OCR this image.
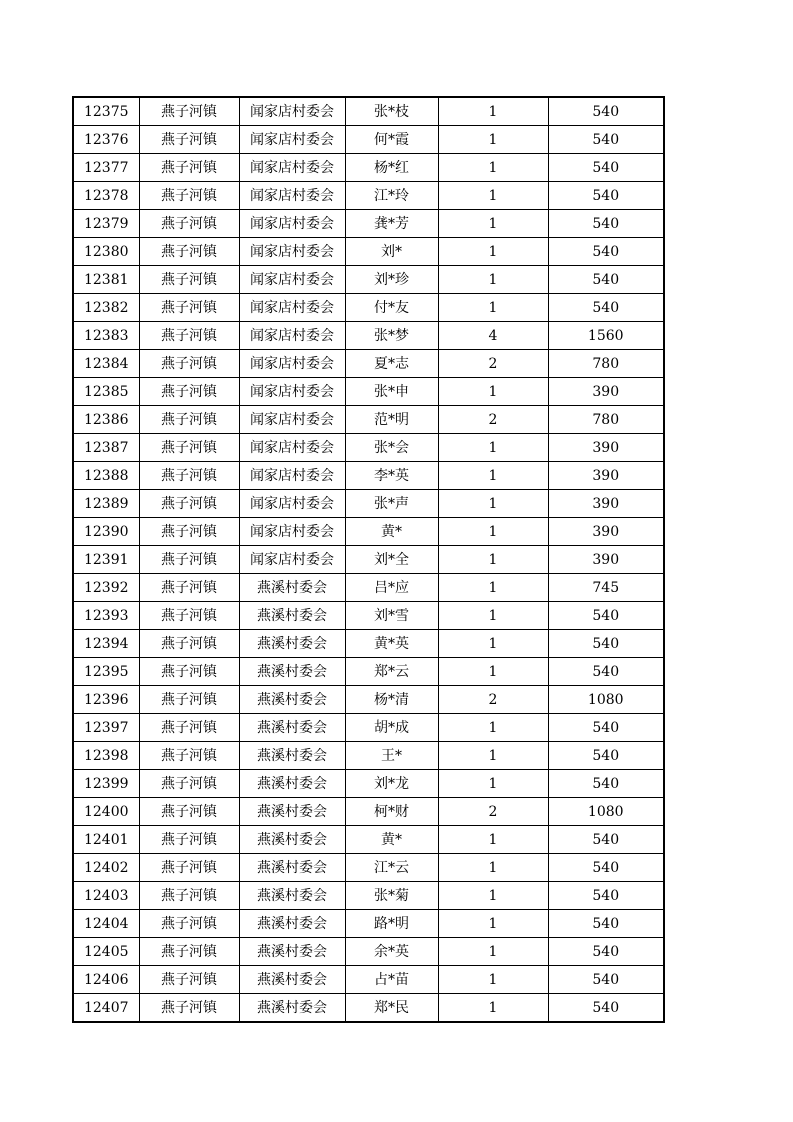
12375	燕子河镇	闻家店村委会	张*枝	1	540
12376	燕子河镇	闻家店村委会	何*霞	1	540
12377	燕子河镇	闻家店村委会	杨*红	1	540
12378	燕子河镇	闻家店村委会	江*玲	1	540
12379	燕子河镇	闻家店村委会	龚*芳	1	540
12380	燕子河镇	闻家店村委会	刘*	1	540
12381	燕子河镇	闻家店村委会	刘*珍	1	540
12382	燕子河镇	闻家店村委会	付*友	1	540
12383	燕子河镇	闻家店村委会	张*梦	4	1560
12384	燕子河镇	闻家店村委会	夏*志	2	780
12385	燕子河镇	闻家店村委会	张*申	1	390
12386	燕子河镇	闻家店村委会	范*明	2	780
12387	燕子河镇	闻家店村委会	张*会	1	390
12388	燕子河镇	闻家店村委会	李*英	1	390
12389	燕子河镇	闻家店村委会	张*声	1	390
12390	燕子河镇	闻家店村委会	黄*	1	390
12391	燕子河镇	闻家店村委会	刘*全	1	390
12392	燕子河镇	燕溪村委会	吕*应	1	745
12393	燕子河镇	燕溪村委会	刘*雪	1	540
12394	燕子河镇	燕溪村委会	黄*英	1	540
12395	燕子河镇	燕溪村委会	郑*云	1	540
12396	燕子河镇	燕溪村委会	杨*清	2	1080
12397	燕子河镇	燕溪村委会	胡*成	1	540
12398	燕子河镇	燕溪村委会	王*	1	540
12399	燕子河镇	燕溪村委会	刘*龙	1	540
12400	燕子河镇	燕溪村委会	柯*财	2	1080
12401	燕子河镇	燕溪村委会	黄*	1	540
12402	燕子河镇	燕溪村委会	江*云	1	540
12403	燕子河镇	燕溪村委会	张*菊	1	540
12404	燕子河镇	燕溪村委会	路*明	1	540
12405	燕子河镇	燕溪村委会	余*英	1	540
12406	燕子河镇	燕溪村委会	占*苗	1	540
12407	燕子河镇	燕溪村委会	郑*民	1	540
